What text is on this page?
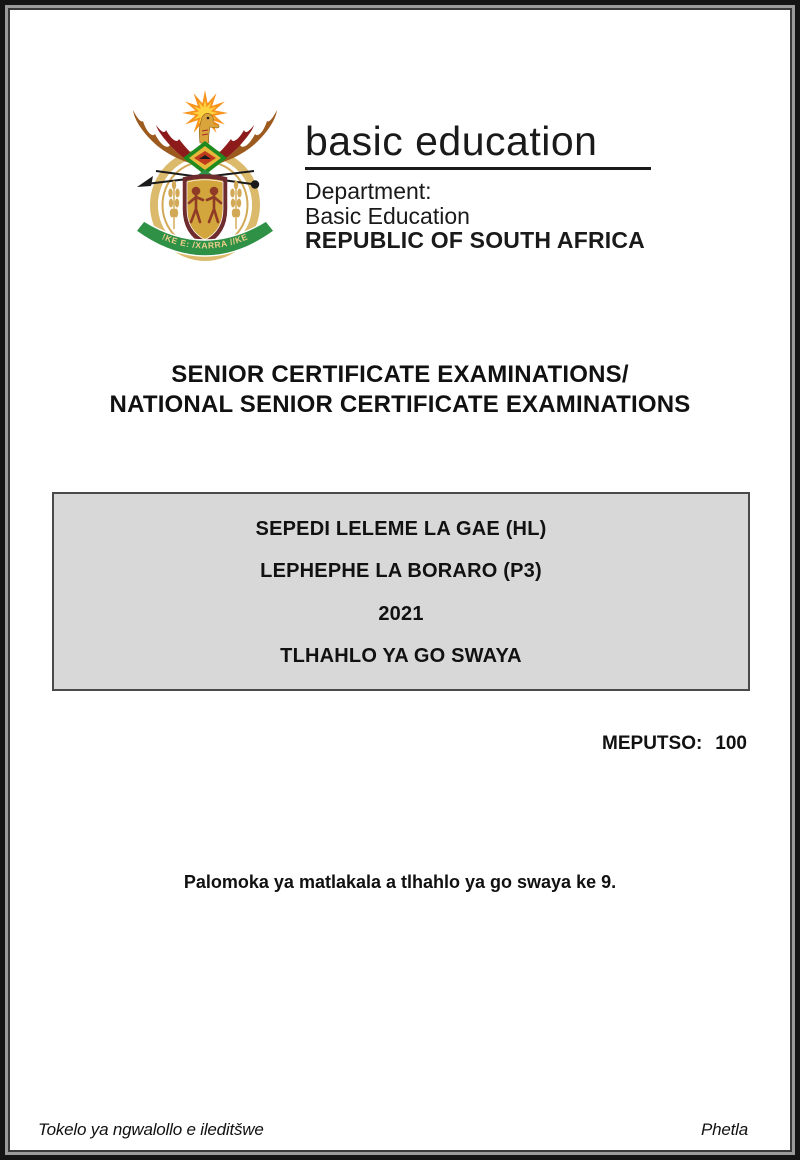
!KE E: /XARRA //KE
basic education
Department:
Basic Education
REPUBLIC OF SOUTH AFRICA
SENIOR CERTIFICATE EXAMINATIONS/
NATIONAL SENIOR CERTIFICATE EXAMINATIONS
SEPEDI LELEME LA GAE (HL)
LEPHEPHE LA BORARO (P3)
2021
TLHAHLO YA GO SWAYA
MEPUTSO: 100
Palomoka ya matlakala a tlhahlo ya go swaya ke 9.
Tokelo ya ngwalollo e ileditšwe	Phetla
